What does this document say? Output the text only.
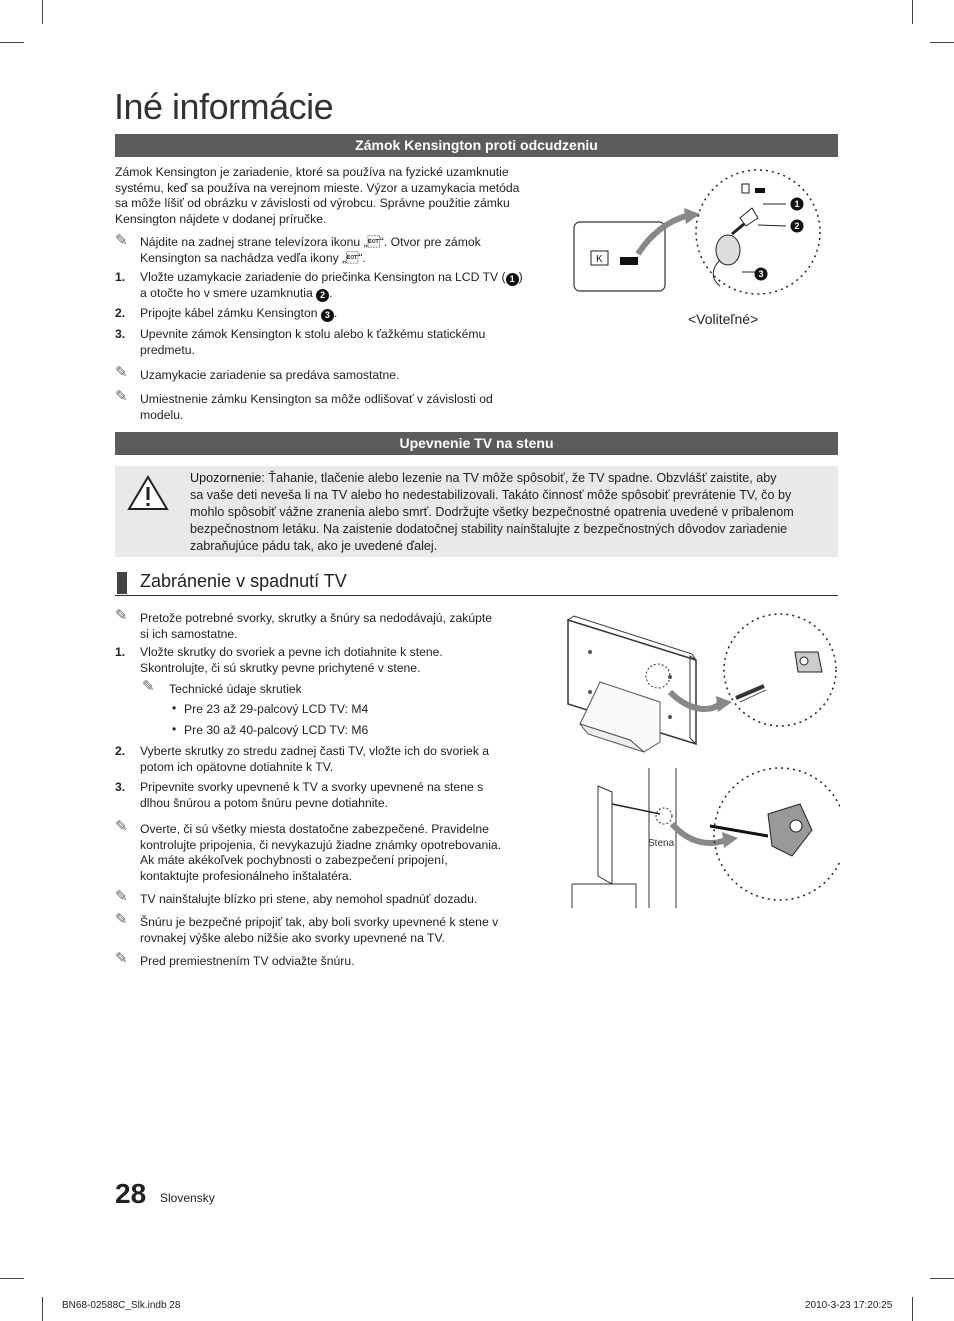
Iné informácie
Zámok Kensington proti odcudzeniu
Zámok Kensington je zariadenie, ktoré sa používa na fyzické uzamknutie
systému, keď sa používa na verejnom mieste. Výzor a uzamykacia metóda
sa môže líšiť od obrázku v závislosti od výrobcu. Správne použitie zámku
Kensington nájdete v dodanej príručke.
✎ Nájdite na zadnej strane televízora ikonu „“. Otvor pre zámok
Kensington sa nachádza vedľa ikony „“.
1. Vložte uzamykacie zariadenie do priečinka Kensington na LCD TV ( 1 )
a otočte ho v smere uzamknutia 2 .
2. Pripojte kábel zámku Kensington 3 .
3. Upevnite zámok Kensington k stolu alebo k ťažkému statickému
predmetu.
✎ Uzamykacie zariadenie sa predáva samostatne.
✎ Umiestnenie zámku Kensington sa môže odlišovať v závislosti od
modelu.
1
2
3
K
<Voliteľné>
Upevnenie TV na stenu
Upozornenie: Ťahanie, tlačenie alebo lezenie na TV môže spôsobiť, že TV spadne. Obzvlášť zaistite, aby
sa vaše deti neveša li na TV alebo ho nedestabilizovali. Takáto činnosť môže spôsobiť prevrátenie TV, čo by
mohlo spôsobiť vážne zranenia alebo smrť. Dodržujte všetky bezpečnostné opatrenia uvedené v pribalenom
bezpečnostnom letáku. Na zaistenie dodatočnej stability nainštalujte z bezpečnostných dôvodov zariadenie
zabraňujúce pádu tak, ako je uvedené ďalej.
Zabránenie v spadnutí TV
✎ Pretože potrebné svorky, skrutky a šnúry sa nedodávajú, zakúpte
si ich samostatne.
1. Vložte skrutky do svoriek a pevne ich dotiahnite k stene.
Skontrolujte, či sú skrutky pevne prichytené v stene.
✎ Technické údaje skrutiek
• Pre 23 až 29-palcový LCD TV: M4
• Pre 30 až 40-palcový LCD TV: M6
2. Vyberte skrutky zo stredu zadnej časti TV, vložte ich do svoriek a
potom ich opätovne dotiahnite k TV.
3. Pripevnite svorky upevnené k TV a svorky upevnené na stene s
dlhou šnúrou a potom šnúru pevne dotiahnite.
✎ Overte, či sú všetky miesta dostatočne zabezpečené. Pravidelne
kontrolujte pripojenia, či nevykazujú žiadne známky opotrebovania.
Ak máte akékoľvek pochybnosti o zabezpečení pripojení,
kontaktujte profesionálneho inštalatéra.
✎ TV nainštalujte blízko pri stene, aby nemohol spadnúť dozadu.
✎ Šnúru je bezpečné pripojiť tak, aby boli svorky upevnené k stene v
rovnakej výške alebo nižšie ako svorky upevnené na TV.
✎ Pred premiestnením TV odviažte šnúru.
Stena
28 Slovensky
BN68-02588C_Slk.indb 28	2010-3-23 17:20:25
